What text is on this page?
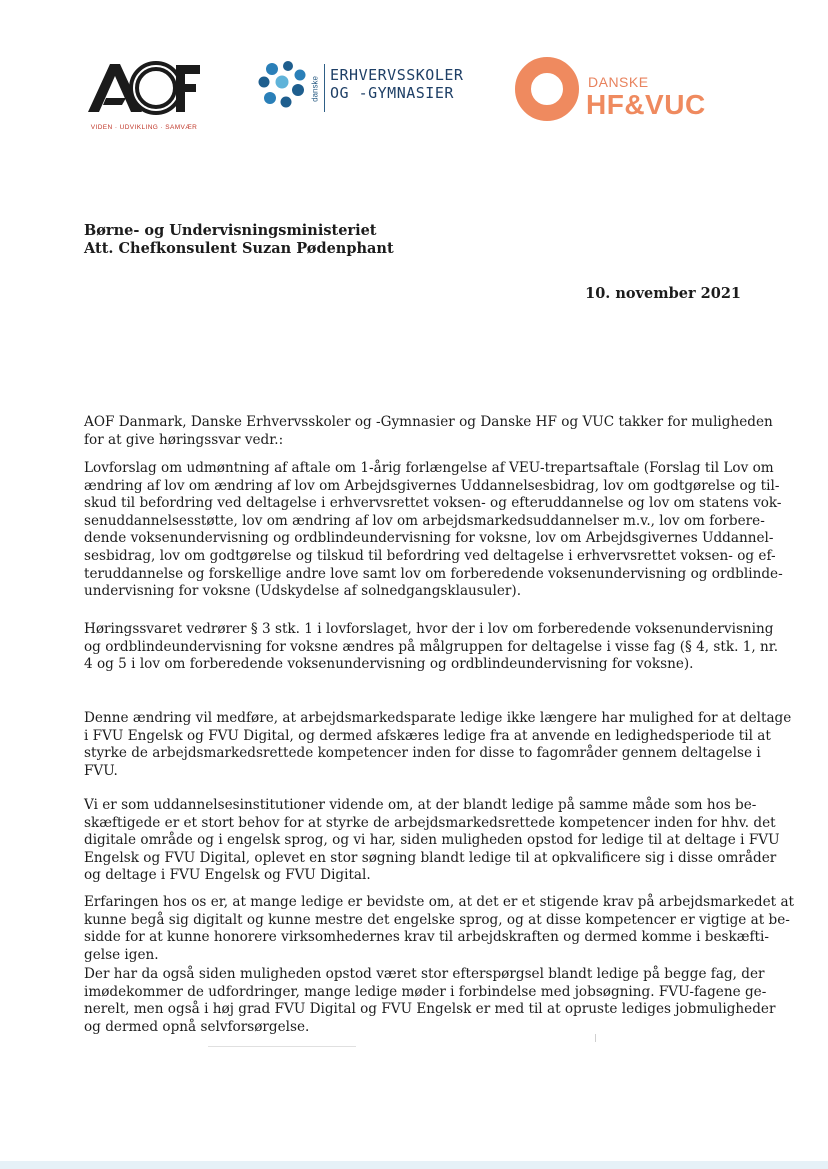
VIDEN · UDVIKLING · SAMVÆR
danske
ERHVERVSSKOLER
OG -GYMNASIER
DANSKE
HF&VUC
Børne- og Undervisningsministeriet
Att. Chefkonsulent Suzan Pødenphant
10. november 2021
AOF Danmark, Danske Erhvervsskoler og -Gymnasier og Danske HF og VUC takker for muligheden
for at give høringssvar vedr.:
Lovforslag om udmøntning af aftale om 1-årig forlængelse af VEU-trepartsaftale (Forslag til Lov om
ændring af lov om ændring af lov om Arbejdsgivernes Uddannelsesbidrag, lov om godtgørelse og til-
skud til befordring ved deltagelse i erhvervsrettet voksen- og efteruddannelse og lov om statens vok-
senuddannelsesstøtte, lov om ændring af lov om arbejdsmarkedsuddannelser m.v., lov om forbere-
dende voksenundervisning og ordblindeundervisning for voksne, lov om Arbejdsgivernes Uddannel-
sesbidrag, lov om godtgørelse og tilskud til befordring ved deltagelse i erhvervsrettet voksen- og ef-
teruddannelse og forskellige andre love samt lov om forberedende voksenundervisning og ordblinde-
undervisning for voksne (Udskydelse af solnedgangsklausuler).
Høringssvaret vedrører § 3 stk. 1 i lovforslaget, hvor der i lov om forberedende voksenundervisning
og ordblindeundervisning for voksne ændres på målgruppen for deltagelse i visse fag (§ 4, stk. 1, nr.
4 og 5 i lov om forberedende voksenundervisning og ordblindeundervisning for voksne).
Denne ændring vil medføre, at arbejdsmarkedsparate ledige ikke længere har mulighed for at deltage
i FVU Engelsk og FVU Digital, og dermed afskæres ledige fra at anvende en ledighedsperiode til at
styrke de arbejdsmarkedsrettede kompetencer inden for disse to fagområder gennem deltagelse i
FVU.
Vi er som uddannelsesinstitutioner vidende om, at der blandt ledige på samme måde som hos be-
skæftigede er et stort behov for at styrke de arbejdsmarkedsrettede kompetencer inden for hhv. det
digitale område og i engelsk sprog, og vi har, siden muligheden opstod for ledige til at deltage i FVU
Engelsk og FVU Digital, oplevet en stor søgning blandt ledige til at opkvalificere sig i disse områder
og deltage i FVU Engelsk og FVU Digital.
Erfaringen hos os er, at mange ledige er bevidste om, at det er et stigende krav på arbejdsmarkedet at
kunne begå sig digitalt og kunne mestre det engelske sprog, og at disse kompetencer er vigtige at be-
sidde for at kunne honorere virksomhedernes krav til arbejdskraften og dermed komme i beskæfti-
gelse igen.
Der har da også siden muligheden opstod været stor efterspørgsel blandt ledige på begge fag, der
imødekommer de udfordringer, mange ledige møder i forbindelse med jobsøgning. FVU-fagene ge-
nerelt, men også i høj grad FVU Digital og FVU Engelsk er med til at opruste lediges jobmuligheder
og dermed opnå selvforsørgelse.
